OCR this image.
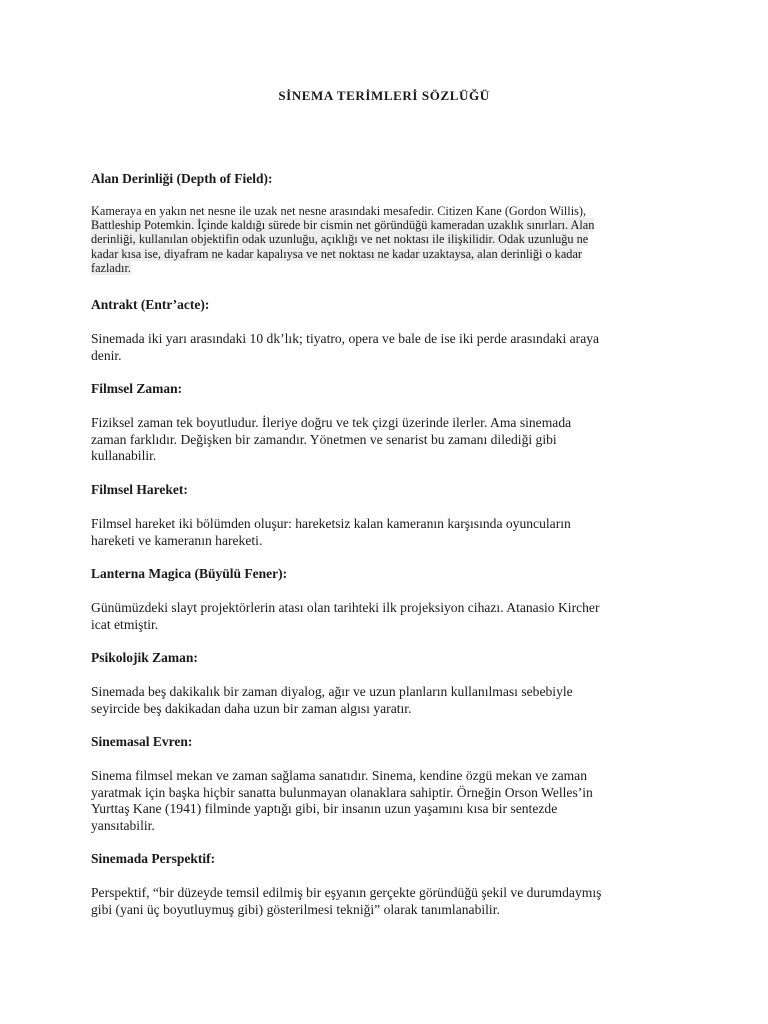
SİNEMA TERİMLERİ SÖZLÜĞÜ
Alan Derinliği (Depth of Field):
Kameraya en yakın net nesne ile uzak net nesne arasındaki mesafedir. Citizen Kane (Gordon Willis),
Battleship Potemkin. İçinde kaldığı sürede bir cismin net göründüğü kameradan uzaklık sınırları. Alan
derinliği, kullanılan objektifin odak uzunluğu, açıklığı ve net noktası ile ilişkilidir. Odak uzunluğu ne
kadar kısa ise, diyafram ne kadar kapalıysa ve net noktası ne kadar uzaktaysa, alan derinliği o kadar
fazladır.
Antrakt (Entr’acte):
Sinemada iki yarı arasındaki 10 dk’lık; tiyatro, opera ve bale de ise iki perde arasındaki araya
denir.
Filmsel Zaman:
Fiziksel zaman tek boyutludur. İleriye doğru ve tek çizgi üzerinde ilerler. Ama sinemada
zaman farklıdır. Değişken bir zamandır. Yönetmen ve senarist bu zamanı dilediği gibi
kullanabilir.
Filmsel Hareket:
Filmsel hareket iki bölümden oluşur: hareketsiz kalan kameranın karşısında oyuncuların
hareketi ve kameranın hareketi.
Lanterna Magica (Büyülü Fener):
Günümüzdeki slayt projektörlerin atası olan tarihteki ilk projeksiyon cihazı. Atanasio Kircher
icat etmiştir.
Psikolojik Zaman:
Sinemada beş dakikalık bir zaman diyalog, ağır ve uzun planların kullanılması sebebiyle
seyircide beş dakikadan daha uzun bir zaman algısı yaratır.
Sinemasal Evren:
Sinema filmsel mekan ve zaman sağlama sanatıdır. Sinema, kendine özgü mekan ve zaman
yaratmak için başka hiçbir sanatta bulunmayan olanaklara sahiptir. Örneğin Orson Welles’in
Yurttaş Kane (1941) filminde yaptığı gibi, bir insanın uzun yaşamını kısa bir sentezde
yansıtabilir.
Sinemada Perspektif:
Perspektif, “bir düzeyde temsil edilmiş bir eşyanın gerçekte göründüğü şekil ve durumdaymış
gibi (yani üç boyutluymuş gibi) gösterilmesi tekniği” olarak tanımlanabilir.
